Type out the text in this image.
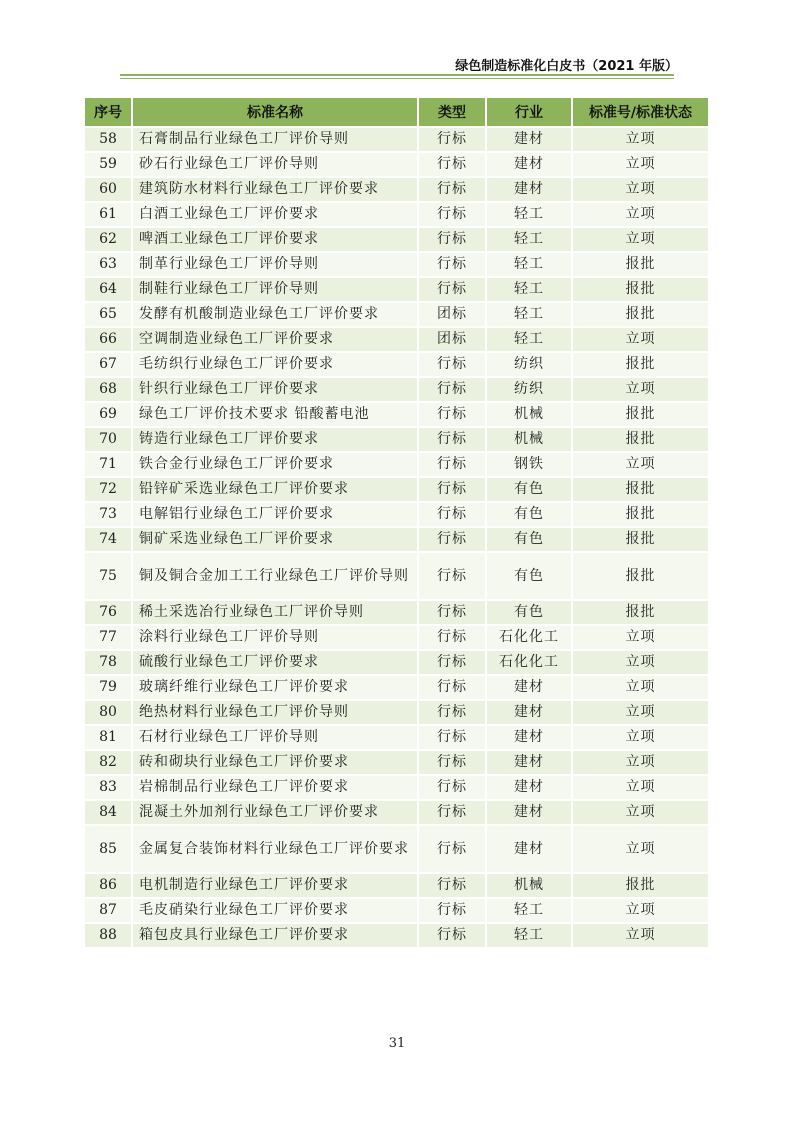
绿色制造标准化白皮书（2021 年版）
序号	标准名称	类型	行业	标准号/标准状态
58	石膏制品行业绿色工厂评价导则	行标	建材	立项
59	砂石行业绿色工厂评价导则	行标	建材	立项
60	建筑防水材料行业绿色工厂评价要求	行标	建材	立项
61	白酒工业绿色工厂评价要求	行标	轻工	立项
62	啤酒工业绿色工厂评价要求	行标	轻工	立项
63	制革行业绿色工厂评价导则	行标	轻工	报批
64	制鞋行业绿色工厂评价导则	行标	轻工	报批
65	发酵有机酸制造业绿色工厂评价要求	团标	轻工	报批
66	空调制造业绿色工厂评价要求	团标	轻工	立项
67	毛纺织行业绿色工厂评价要求	行标	纺织	报批
68	针织行业绿色工厂评价要求	行标	纺织	立项
69	绿色工厂评价技术要求 铅酸蓄电池	行标	机械	报批
70	铸造行业绿色工厂评价要求	行标	机械	报批
71	铁合金行业绿色工厂评价要求	行标	钢铁	立项
72	铅锌矿采选业绿色工厂评价要求	行标	有色	报批
73	电解铝行业绿色工厂评价要求	行标	有色	报批
74	铜矿采选业绿色工厂评价要求	行标	有色	报批
75	铜及铜合金加工工行业绿色工厂评价导则	行标	有色	报批
76	稀土采选冶行业绿色工厂评价导则	行标	有色	报批
77	涂料行业绿色工厂评价导则	行标	石化化工	立项
78	硫酸行业绿色工厂评价要求	行标	石化化工	立项
79	玻璃纤维行业绿色工厂评价要求	行标	建材	立项
80	绝热材料行业绿色工厂评价导则	行标	建材	立项
81	石材行业绿色工厂评价导则	行标	建材	立项
82	砖和砌块行业绿色工厂评价要求	行标	建材	立项
83	岩棉制品行业绿色工厂评价要求	行标	建材	立项
84	混凝土外加剂行业绿色工厂评价要求	行标	建材	立项
85	金属复合装饰材料行业绿色工厂评价要求	行标	建材	立项
86	电机制造行业绿色工厂评价要求	行标	机械	报批
87	毛皮硝染行业绿色工厂评价要求	行标	轻工	立项
88	箱包皮具行业绿色工厂评价要求	行标	轻工	立项
31
